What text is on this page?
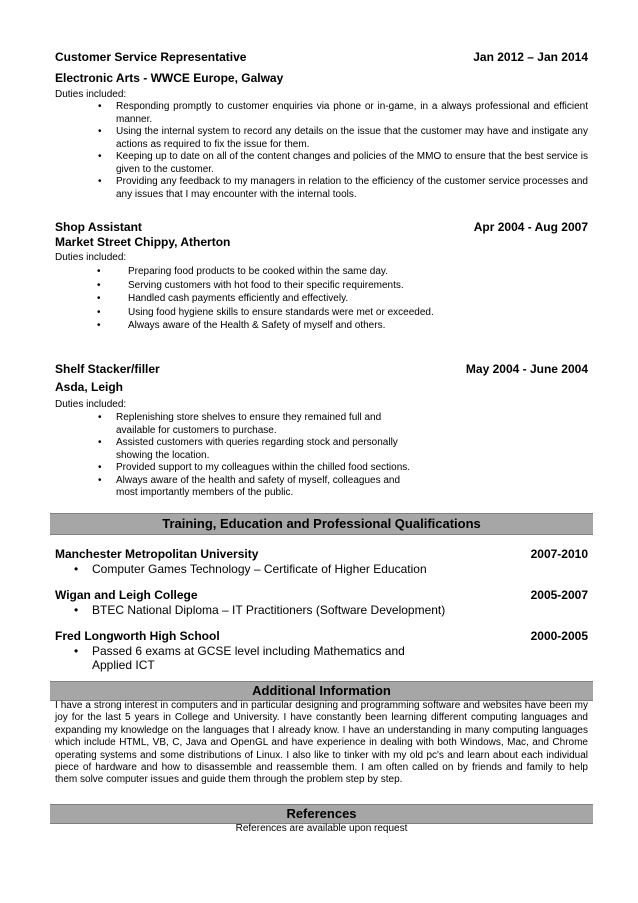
Customer Service Representative	Jan 2012 – Jan 2014
Electronic Arts - WWCE Europe, Galway
Duties included:
• Responding promptly to customer enquiries via phone or in-game, in a always professional and efficient manner.
• Using the internal system to record any details on the issue that the customer may have and instigate any actions as required to fix the issue for them.
• Keeping up to date on all of the content changes and policies of the MMO to ensure that the best service is given to the customer.
• Providing any feedback to my managers in relation to the efficiency of the customer service processes and any issues that I may encounter with the internal tools.
Shop Assistant	Apr 2004 - Aug 2007
Market Street Chippy, Atherton
Duties included:
•	Preparing food products to be cooked within the same day.
•	Serving customers with hot food to their specific requirements.
•	Handled cash payments efficiently and effectively.
•	Using food hygiene skills to ensure standards were met or exceeded.
•	Always aware of the Health & Safety of myself and others.
Shelf Stacker/filler	May 2004 - June 2004
Asda, Leigh
Duties included:
• Replenishing store shelves to ensure they remained full and available for customers to purchase.
• Assisted customers with queries regarding stock and personally showing the location.
• Provided support to my colleagues within the chilled food sections.
• Always aware of the health and safety of myself, colleagues and most importantly members of the public.
Training, Education and Professional Qualifications
Manchester Metropolitan University	2007-2010
• Computer Games Technology – Certificate of Higher Education
Wigan and Leigh College	2005-2007
• BTEC National Diploma – IT Practitioners (Software Development)
Fred Longworth High School	2000-2005
• Passed 6 exams at GCSE level including Mathematics and Applied ICT
Additional Information
I have a strong interest in computers and in particular designing and programming software and websites have been my joy for the last 5 years in College and University. I have constantly been learning different computing languages and expanding my knowledge on the languages that I already know. I have an understanding in many computing languages which include HTML, VB, C, Java and OpenGL and have experience in dealing with both Windows, Mac, and Chrome operating systems and some distributions of Linux. I also like to tinker with my old pc's and learn about each individual piece of hardware and how to disassemble and reassemble them. I am often called on by friends and family to help them solve computer issues and guide them through the problem step by step.
References
References are available upon request
